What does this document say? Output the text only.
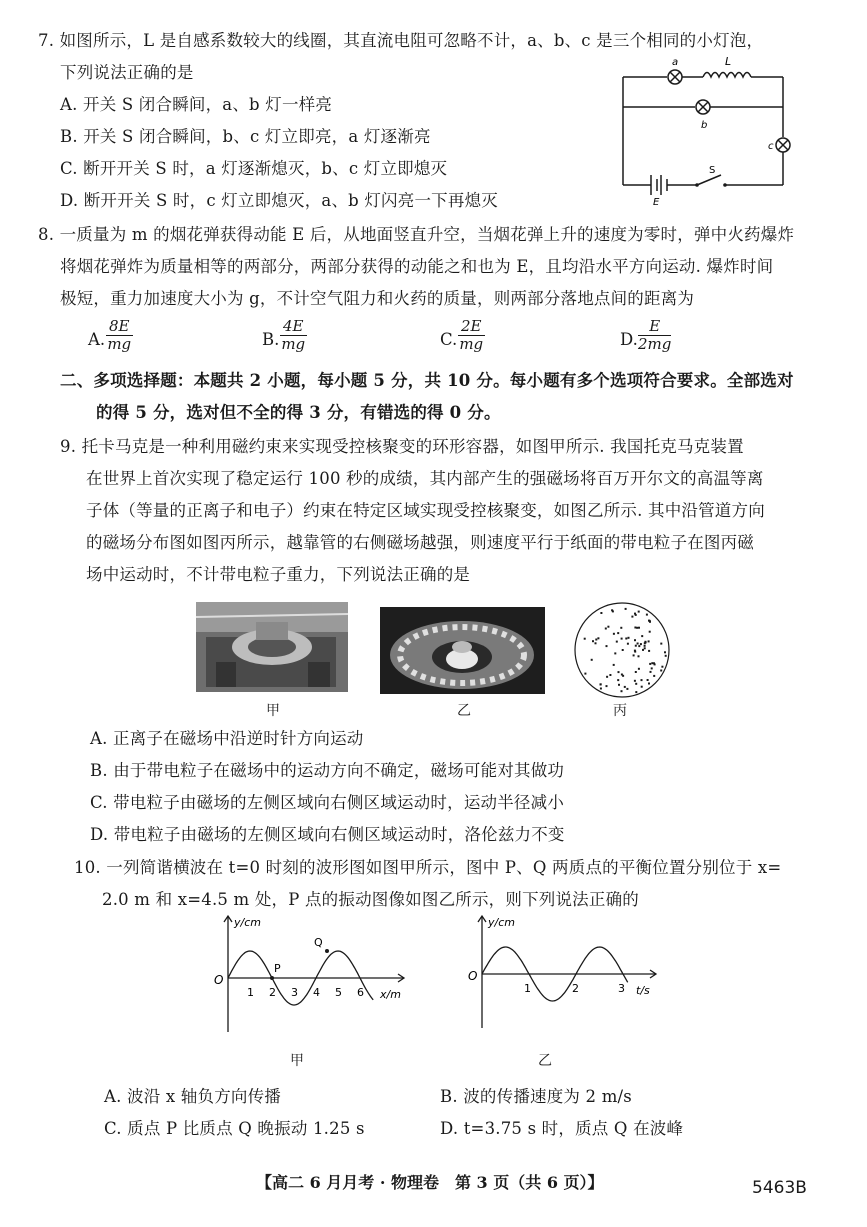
7. 如图所示，L 是自感系数较大的线圈，其直流电阻可忽略不计，a、b、c 是三个相同的小灯泡，
下列说法正确的是
A. 开关 S 闭合瞬间，a、b 灯一样亮
B. 开关 S 闭合瞬间，b、c 灯立即亮，a 灯逐渐亮
C. 断开开关 S 时，a 灯逐渐熄灭，b、c 灯立即熄灭
D. 断开开关 S 时，c 灯立即熄灭，a、b 灯闪亮一下再熄灭
a
b
c
L
E
S
8. 一质量为 m 的烟花弹获得动能 E 后，从地面竖直升空，当烟花弹上升的速度为零时，弹中火药爆炸
将烟花弹炸为质量相等的两部分，两部分获得的动能之和也为 E，且均沿水平方向运动. 爆炸时间
极短，重力加速度大小为 g，不计空气阻力和火药的质量，则两部分落地点间的距离为
A. $\frac{8E}{mg}$	B. $\frac{4E}{mg}$	C. $\frac{2E}{mg}$	D. $\frac{E}{2mg}$
二、多项选择题：本题共 2 小题，每小题 5 分，共 10 分。每小题有多个选项符合要求。全部选对
的得 5 分，选对但不全的得 3 分，有错选的得 0 分。
9. 托卡马克是一种利用磁约束来实现受控核聚变的环形容器，如图甲所示. 我国托克马克装置
在世界上首次实现了稳定运行 100 秒的成绩，其内部产生的强磁场将百万开尔文的高温等离
子体（等量的正离子和电子）约束在特定区域实现受控核聚变，如图乙所示. 其中沿管道方向
的磁场分布图如图丙所示，越靠管的右侧磁场越强，则速度平行于纸面的带电粒子在图丙磁
场中运动时，不计带电粒子重力，下列说法正确的是
甲	乙	丙
A. 正离子在磁场中沿逆时针方向运动
B. 由于带电粒子在磁场中的运动方向不确定，磁场可能对其做功
C. 带电粒子由磁场的左侧区域向右侧区域运动时，运动半径减小
D. 带电粒子由磁场的左侧区域向右侧区域运动时，洛伦兹力不变
10. 一列简谐横波在 t=0 时刻的波形图如图甲所示，图中 P、Q 两质点的平衡位置分别位于 x=
2.0 m 和 x=4.5 m 处，P 点的振动图像如图乙所示，则下列说法正确的
y/cm
x/m
O
1 2 3 4 5 6
P
Q
甲
y/cm
t/s
O
1	2	3
乙
A. 波沿 x 轴负方向传播	B. 波的传播速度为 2 m/s
C. 质点 P 比质点 Q 晚振动 1.25 s	D. t=3.75 s 时，质点 Q 在波峰
【高二 6 月月考 · 物理卷　第 3 页（共 6 页）】	5463B
